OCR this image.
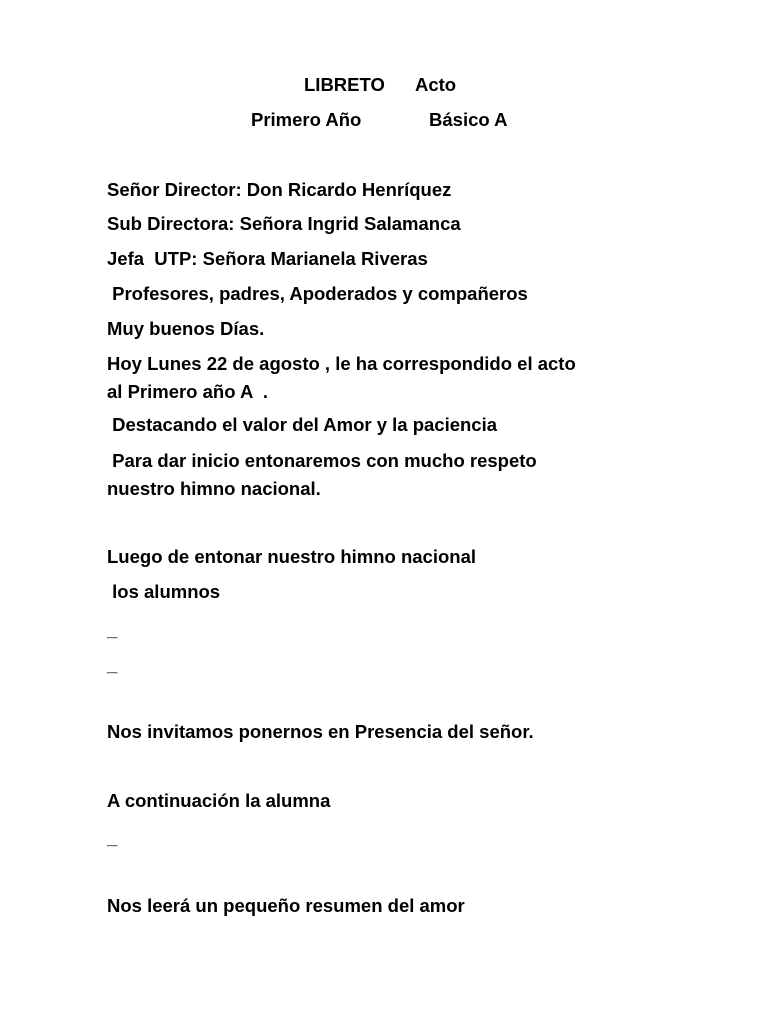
LIBRETO Acto
Primero Año	Básico A
Señor Director: Don Ricardo Henríquez
Sub Directora: Señora Ingrid Salamanca
Jefa  UTP: Señora Marianela Riveras
Profesores, padres, Apoderados y compañeros
Muy buenos Días.
Hoy Lunes 22 de agosto , le ha correspondido el acto
al Primero año A  .
Destacando el valor del Amor y la paciencia
Para dar inicio entonaremos con mucho respeto
nuestro himno nacional.
Luego de entonar nuestro himno nacional
los alumnos
_
_
Nos invitamos ponernos en Presencia del señor.
A continuación la alumna
_
Nos leerá un pequeño resumen del amor
